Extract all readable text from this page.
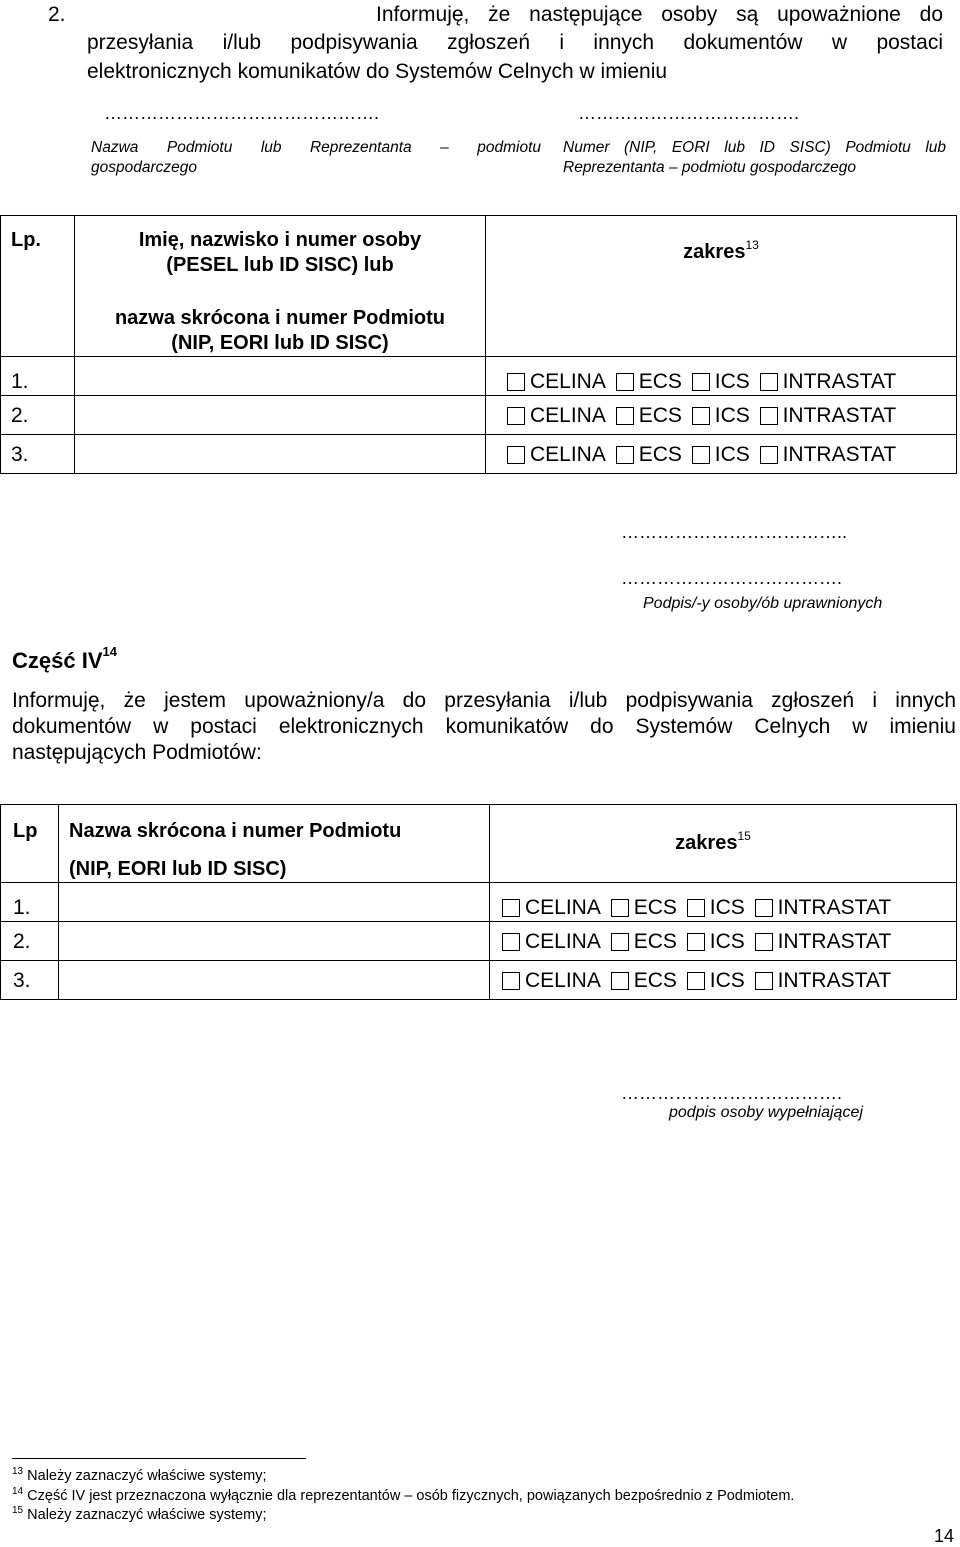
2.	Informuję, że następujące osoby są upoważnione do
przesyłania i/lub podpisywania zgłoszeń i innych dokumentów w postaci
elektronicznych komunikatów do Systemów Celnych w imieniu
……………………………………….	……………………………….
Nazwa Podmiotu lub Reprezentanta – podmiotu
gospodarczego
Numer (NIP, EORI lub ID SISC) Podmiotu lub
Reprezentanta – podmiotu gospodarczego
Lp.	Imię, nazwisko i numer osoby
(PESEL lub ID SISC) lub
nazwa skrócona i numer Podmiotu
(NIP, EORI lub ID SISC)	zakres$^{13}$
1.		CELINA ECS ICS INTRASTAT
2.		CELINA ECS ICS INTRASTAT
3.		CELINA ECS ICS INTRASTAT
………………………………..
……………………………….
Podpis/-y osoby/ób uprawnionych
Część IV$^{14}$
Informuję, że jestem upoważniony/a do przesyłania i/lub podpisywania zgłoszeń i innych
dokumentów w postaci elektronicznych komunikatów do Systemów Celnych w imieniu
następujących Podmiotów:
Lp	Nazwa skrócona i numer Podmiotu
(NIP, EORI lub ID SISC)	zakres$^{15}$
1.		CELINA ECS ICS INTRASTAT
2.		CELINA ECS ICS INTRASTAT
3.		CELINA ECS ICS INTRASTAT
……………………………….
podpis osoby wypełniającej
$^{13}$ Należy zaznaczyć właściwe systemy;
$^{14}$ Część IV jest przeznaczona wyłącznie dla reprezentantów – osób fizycznych, powiązanych bezpośrednio z Podmiotem.
$^{15}$ Należy zaznaczyć właściwe systemy;
14
